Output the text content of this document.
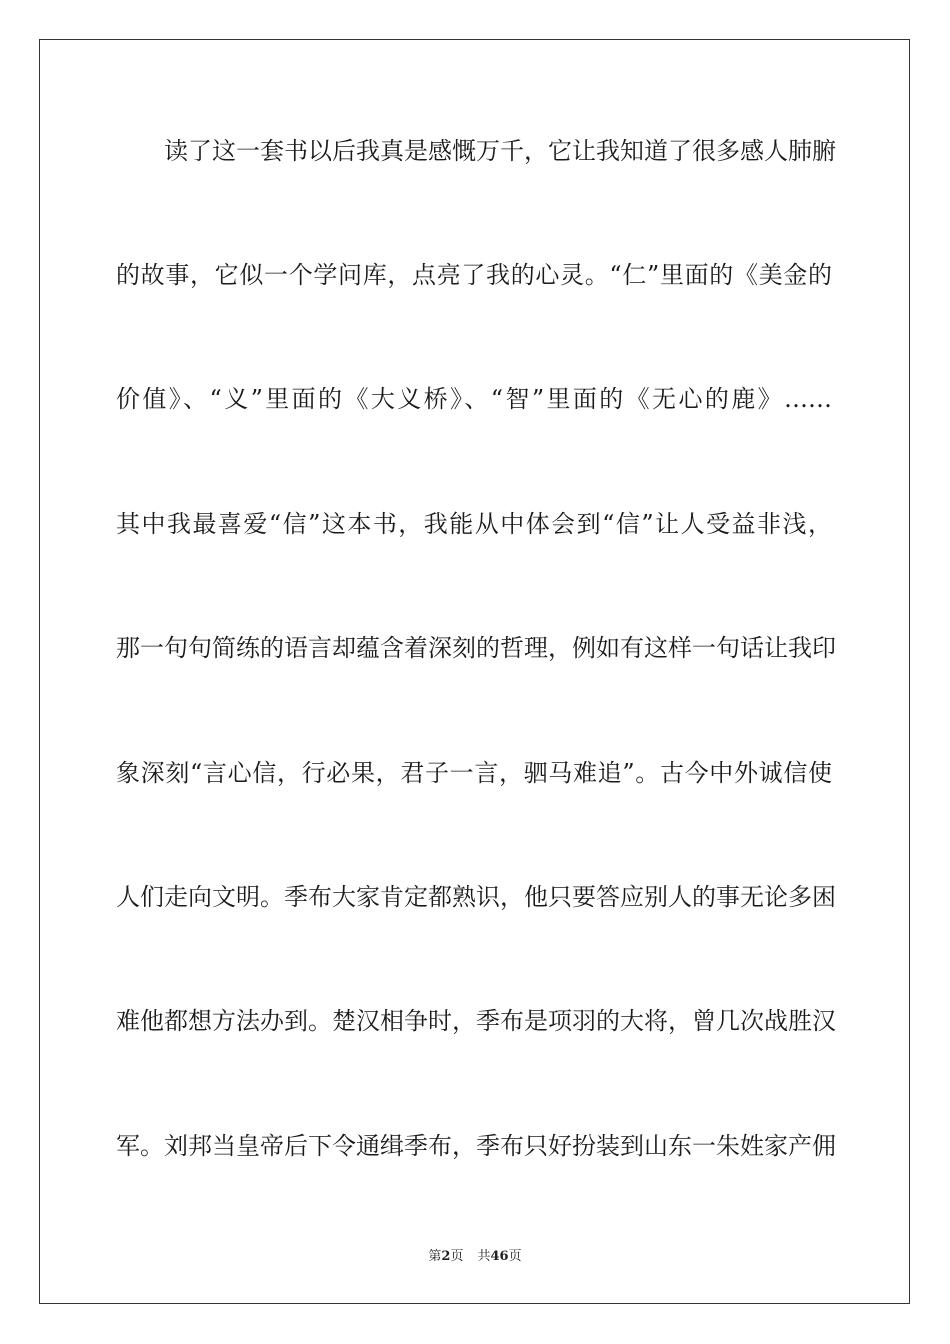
读了这一套书以后我真是感慨万千，它让我知道了很多感人肺腑
的故事，它似一个学问库，点亮了我的心灵。“仁”里面的《美金的
价值》、“义”里面的《大义桥》、“智”里面的《无心的鹿》……
其中我最喜爱“信”这本书，我能从中体会到“信”让人受益非浅，
那一句句简练的语言却蕴含着深刻的哲理，例如有这样一句话让我印
象深刻“言心信，行必果，君子一言，驷马难追”。古今中外诚信使
人们走向文明。季布大家肯定都熟识，他只要答应别人的事无论多困
难他都想方法办到。楚汉相争时，季布是项羽的大将，曾几次战胜汉
军。刘邦当皇帝后下令通缉季布，季布只好扮装到山东一朱姓家产佣
第2页 共46页
